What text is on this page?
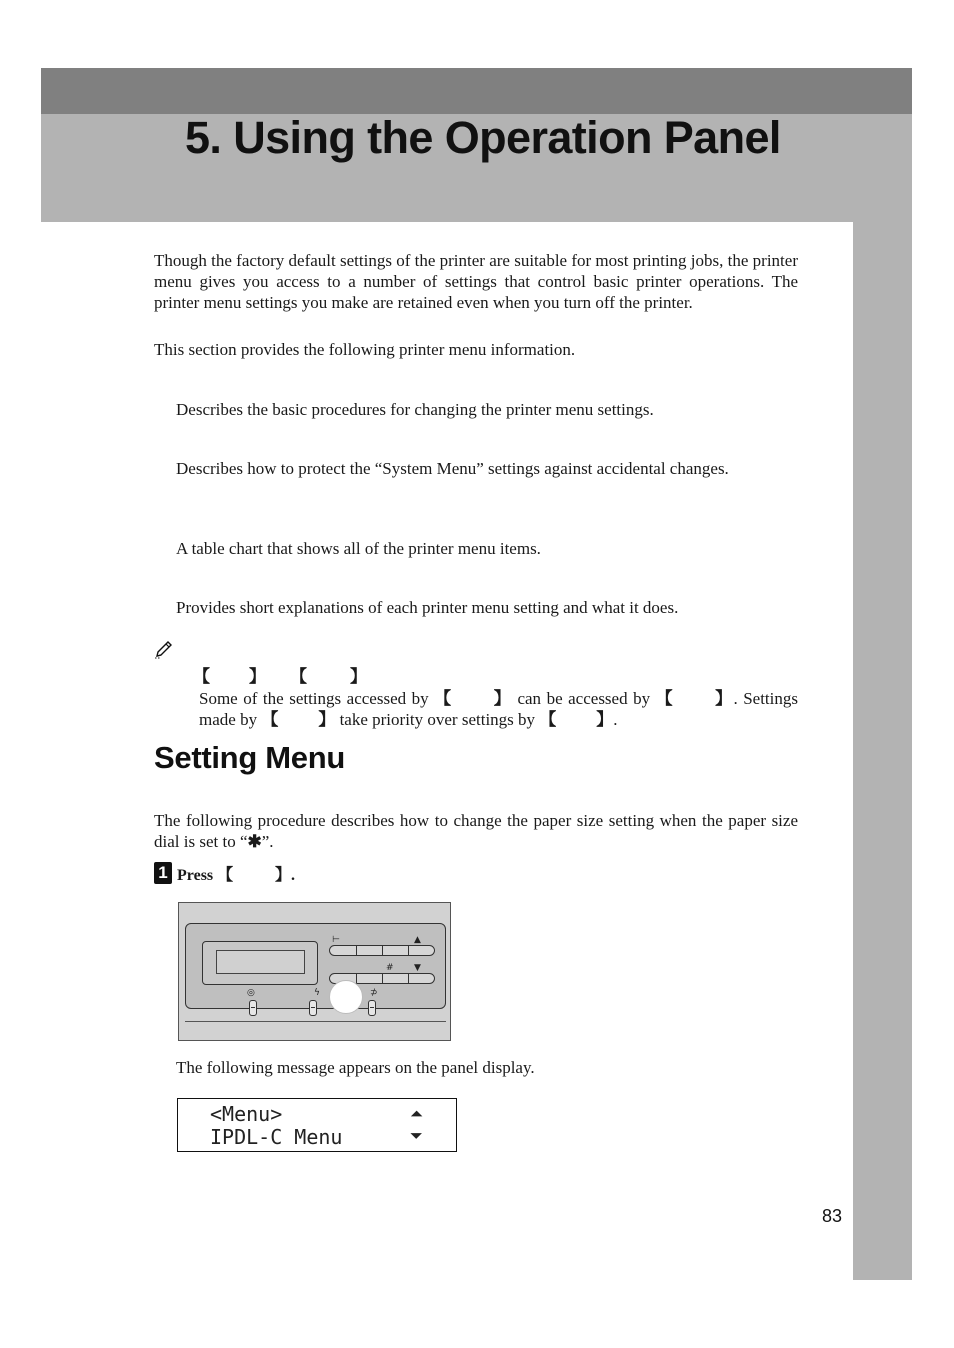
5. Using the Operation Panel
Though the factory default settings of the printer are suitable for most printing jobs, the printer menu gives you access to a number of settings that control basic printer operations. The printer menu settings you make are retained even when you turn off the printer.
This section provides the following printer menu information.
Describes the basic procedures for changing the printer menu settings.
Describes how to protect the “System Menu” settings against accidental changes.
A table chart that shows all of the printer menu items.
Provides short explanations of each printer menu setting and what it does.
【 】 【	】
Some of the settings accessed by 【 】 can be accessed by 【 】. Settings made by 【 】 take priority over settings by 【 】.
Setting Menu
The following procedure describes how to change the paper size setting when the paper size dial is set to “✱”.
1 Press 【	】.
⊢	▲
# ▼
◎	ϟ	⊅
The following message appears on the panel display.
<Menu>
IPDL-C Menu
⏶
⏷
83
